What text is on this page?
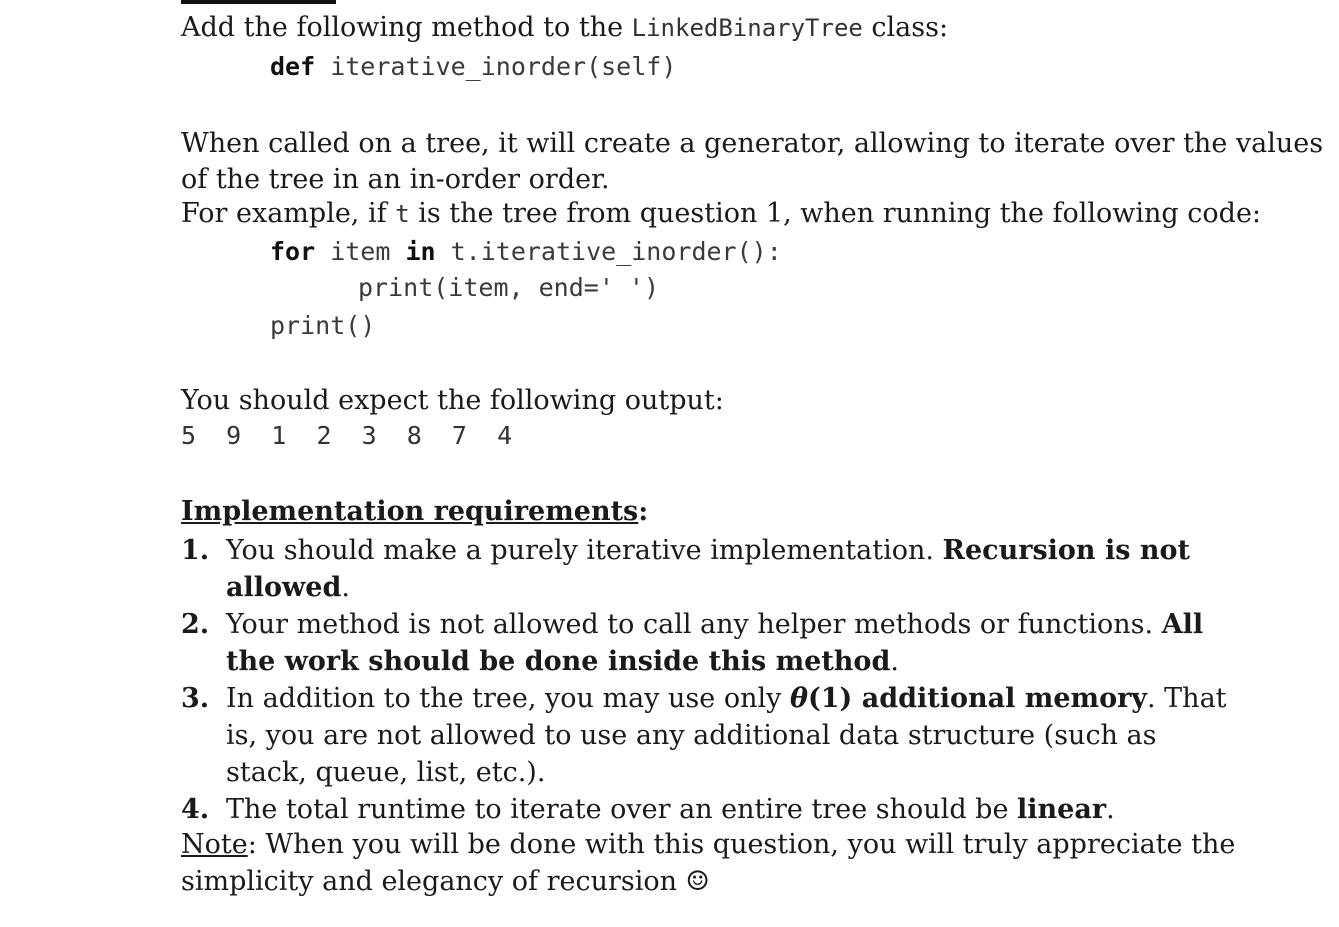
Add the following method to the LinkedBinaryTree class:

def iterative_inorder(self)

When called on a tree, it will create a generator, allowing to iterate over the values

of the tree in an in-order order.

For example, if t is the tree from question 1, when running the following code:

for item in t.iterative_inorder():

print(item, end=' ')

print()

You should expect the following output:

5  9  1  2  3  8  7  4

Implementation requirements:

1. You should make a purely iterative implementation. Recursion is not allowed.
2. Your method is not allowed to call any helper methods or functions. All the work should be done inside this method.
3. In addition to the tree, you may use only θ(1) additional memory. That is, you are not allowed to use any additional data structure (such as stack, queue, list, etc.).
4. The total runtime to iterate over an entire tree should be linear.

Note: When you will be done with this question, you will truly appreciate the

simplicity and elegancy of recursion ☺
